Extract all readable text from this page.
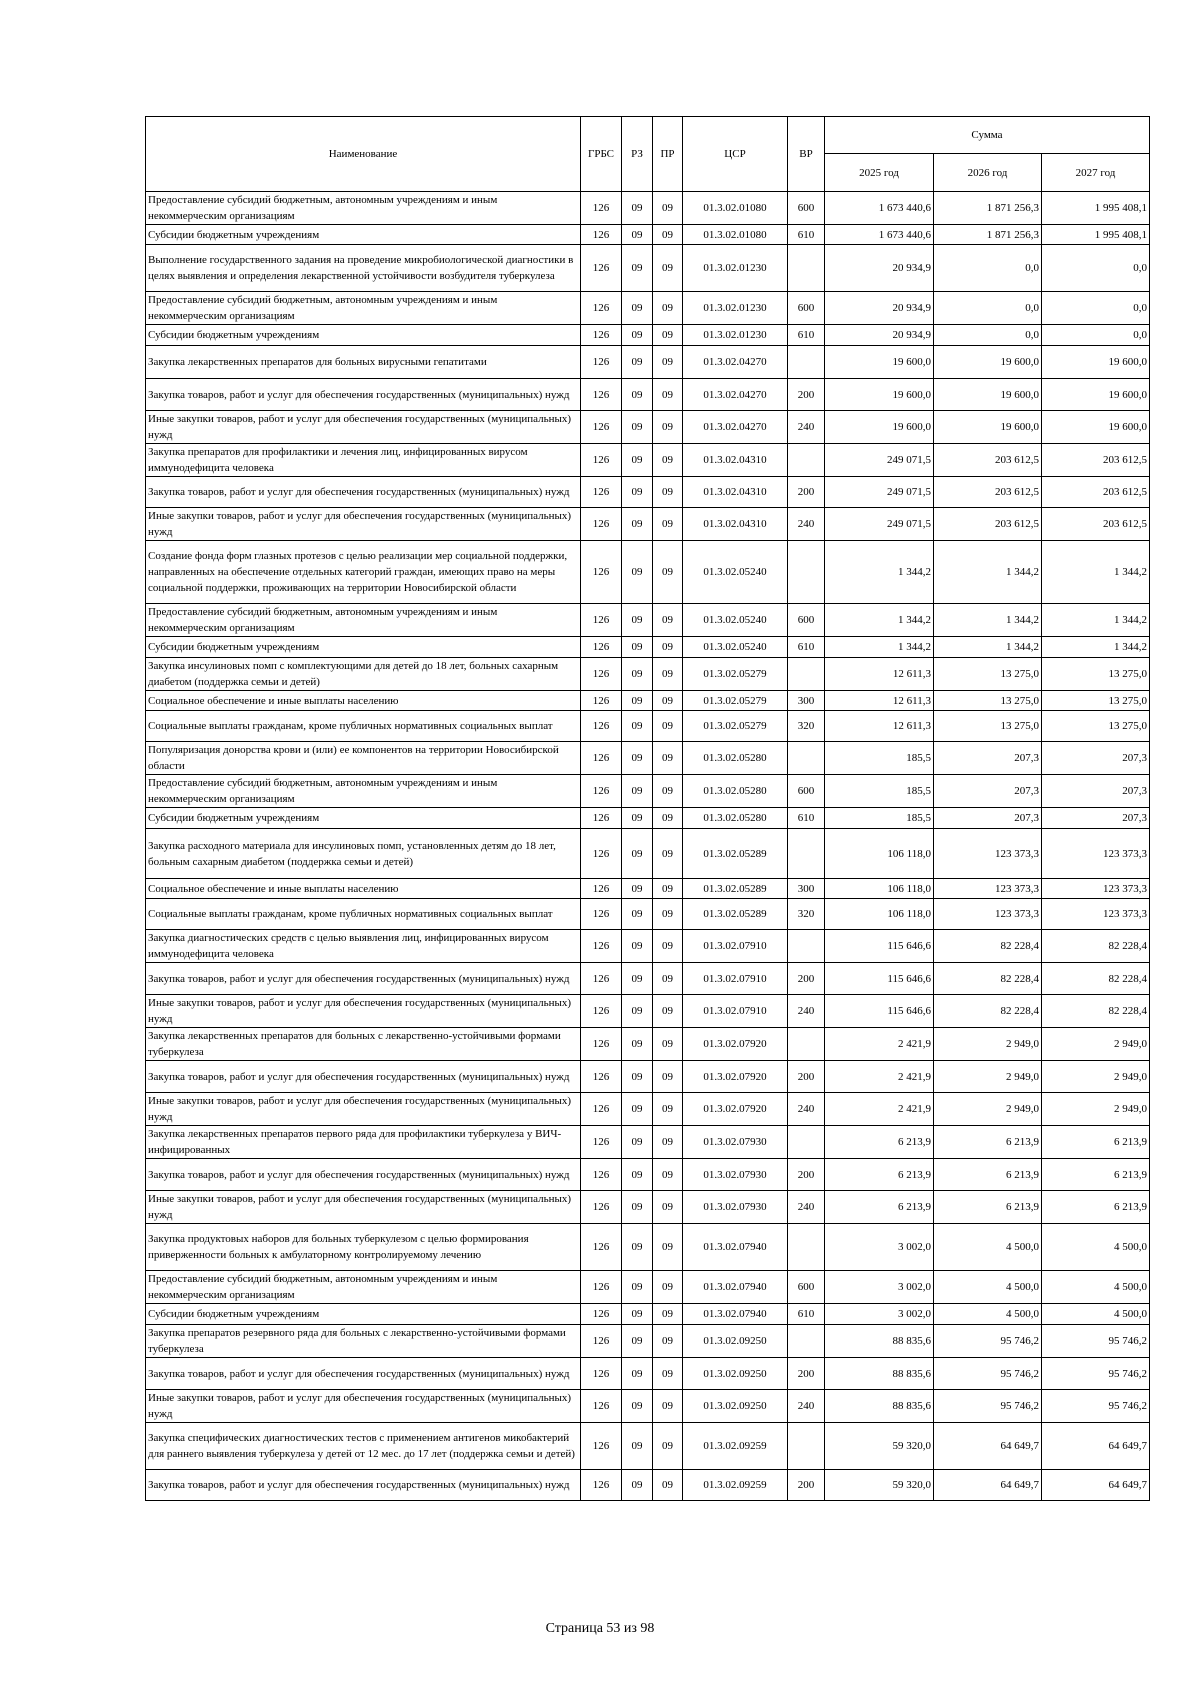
Наименование	ГРБС	РЗ	ПР	ЦСР	ВР	Сумма		
						2025 год	2026 год	2027 год
Предоставление субсидий бюджетным, автономным учреждениям и иным некоммерческим организациям	126	09	09	01.3.02.01080	600	1 673 440,6	1 871 256,3	1 995 408,1
Субсидии бюджетным учреждениям	126	09	09	01.3.02.01080	610	1 673 440,6	1 871 256,3	1 995 408,1
Выполнение государственного задания на проведение микробиологической диагностики в целях выявления и определения лекарственной устойчивости возбудителя туберкулеза	126	09	09	01.3.02.01230		20 934,9	0,0	0,0
Предоставление субсидий бюджетным, автономным учреждениям и иным некоммерческим организациям	126	09	09	01.3.02.01230	600	20 934,9	0,0	0,0
Субсидии бюджетным учреждениям	126	09	09	01.3.02.01230	610	20 934,9	0,0	0,0
Закупка лекарственных препаратов для больных вирусными гепатитами	126	09	09	01.3.02.04270		19 600,0	19 600,0	19 600,0
Закупка товаров, работ и услуг для обеспечения государственных (муниципальных) нужд	126	09	09	01.3.02.04270	200	19 600,0	19 600,0	19 600,0
Иные закупки товаров, работ и услуг для обеспечения государственных (муниципальных) нужд	126	09	09	01.3.02.04270	240	19 600,0	19 600,0	19 600,0
Закупка препаратов для профилактики и лечения лиц, инфицированных вирусом иммунодефицита человека	126	09	09	01.3.02.04310		249 071,5	203 612,5	203 612,5
Закупка товаров, работ и услуг для обеспечения государственных (муниципальных) нужд	126	09	09	01.3.02.04310	200	249 071,5	203 612,5	203 612,5
Иные закупки товаров, работ и услуг для обеспечения государственных (муниципальных) нужд	126	09	09	01.3.02.04310	240	249 071,5	203 612,5	203 612,5
Создание фонда форм глазных протезов с целью реализации мер социальной поддержки, направленных на обеспечение отдельных категорий граждан, имеющих право на меры социальной поддержки, проживающих на территории Новосибирской области	126	09	09	01.3.02.05240		1 344,2	1 344,2	1 344,2
Предоставление субсидий бюджетным, автономным учреждениям и иным некоммерческим организациям	126	09	09	01.3.02.05240	600	1 344,2	1 344,2	1 344,2
Субсидии бюджетным учреждениям	126	09	09	01.3.02.05240	610	1 344,2	1 344,2	1 344,2
Закупка инсулиновых помп с комплектующими для детей до 18 лет, больных сахарным диабетом (поддержка семьи и детей)	126	09	09	01.3.02.05279		12 611,3	13 275,0	13 275,0
Социальное обеспечение и иные выплаты населению	126	09	09	01.3.02.05279	300	12 611,3	13 275,0	13 275,0
Социальные выплаты гражданам, кроме публичных нормативных социальных выплат	126	09	09	01.3.02.05279	320	12 611,3	13 275,0	13 275,0
Популяризация донорства крови и (или) ее компонентов на территории Новосибирской области	126	09	09	01.3.02.05280		185,5	207,3	207,3
Предоставление субсидий бюджетным, автономным учреждениям и иным некоммерческим организациям	126	09	09	01.3.02.05280	600	185,5	207,3	207,3
Субсидии бюджетным учреждениям	126	09	09	01.3.02.05280	610	185,5	207,3	207,3
Закупка расходного материала для инсулиновых помп, установленных детям до 18 лет, больным сахарным диабетом (поддержка семьи и детей)	126	09	09	01.3.02.05289		106 118,0	123 373,3	123 373,3
Социальное обеспечение и иные выплаты населению	126	09	09	01.3.02.05289	300	106 118,0	123 373,3	123 373,3
Социальные выплаты гражданам, кроме публичных нормативных социальных выплат	126	09	09	01.3.02.05289	320	106 118,0	123 373,3	123 373,3
Закупка диагностических средств с целью выявления лиц, инфицированных вирусом иммунодефицита человека	126	09	09	01.3.02.07910		115 646,6	82 228,4	82 228,4
Закупка товаров, работ и услуг для обеспечения государственных (муниципальных) нужд	126	09	09	01.3.02.07910	200	115 646,6	82 228,4	82 228,4
Иные закупки товаров, работ и услуг для обеспечения государственных (муниципальных) нужд	126	09	09	01.3.02.07910	240	115 646,6	82 228,4	82 228,4
Закупка лекарственных препаратов для больных с лекарственно-устойчивыми формами туберкулеза	126	09	09	01.3.02.07920		2 421,9	2 949,0	2 949,0
Закупка товаров, работ и услуг для обеспечения государственных (муниципальных) нужд	126	09	09	01.3.02.07920	200	2 421,9	2 949,0	2 949,0
Иные закупки товаров, работ и услуг для обеспечения государственных (муниципальных) нужд	126	09	09	01.3.02.07920	240	2 421,9	2 949,0	2 949,0
Закупка лекарственных препаратов первого ряда для профилактики туберкулеза у ВИЧ-инфицированных	126	09	09	01.3.02.07930		6 213,9	6 213,9	6 213,9
Закупка товаров, работ и услуг для обеспечения государственных (муниципальных) нужд	126	09	09	01.3.02.07930	200	6 213,9	6 213,9	6 213,9
Иные закупки товаров, работ и услуг для обеспечения государственных (муниципальных) нужд	126	09	09	01.3.02.07930	240	6 213,9	6 213,9	6 213,9
Закупка продуктовых наборов для больных туберкулезом с целью формирования приверженности больных к амбулаторному контролируемому лечению	126	09	09	01.3.02.07940		3 002,0	4 500,0	4 500,0
Предоставление субсидий бюджетным, автономным учреждениям и иным некоммерческим организациям	126	09	09	01.3.02.07940	600	3 002,0	4 500,0	4 500,0
Субсидии бюджетным учреждениям	126	09	09	01.3.02.07940	610	3 002,0	4 500,0	4 500,0
Закупка препаратов резервного ряда для больных с лекарственно-устойчивыми формами туберкулеза	126	09	09	01.3.02.09250		88 835,6	95 746,2	95 746,2
Закупка товаров, работ и услуг для обеспечения государственных (муниципальных) нужд	126	09	09	01.3.02.09250	200	88 835,6	95 746,2	95 746,2
Иные закупки товаров, работ и услуг для обеспечения государственных (муниципальных) нужд	126	09	09	01.3.02.09250	240	88 835,6	95 746,2	95 746,2
Закупка специфических диагностических тестов с применением антигенов микобактерий для раннего выявления туберкулеза у детей от 12 мес. до 17 лет (поддержка семьи и детей)	126	09	09	01.3.02.09259		59 320,0	64 649,7	64 649,7
Закупка товаров, работ и услуг для обеспечения государственных (муниципальных) нужд	126	09	09	01.3.02.09259	200	59 320,0	64 649,7	64 649,7
Страница 53 из 98
